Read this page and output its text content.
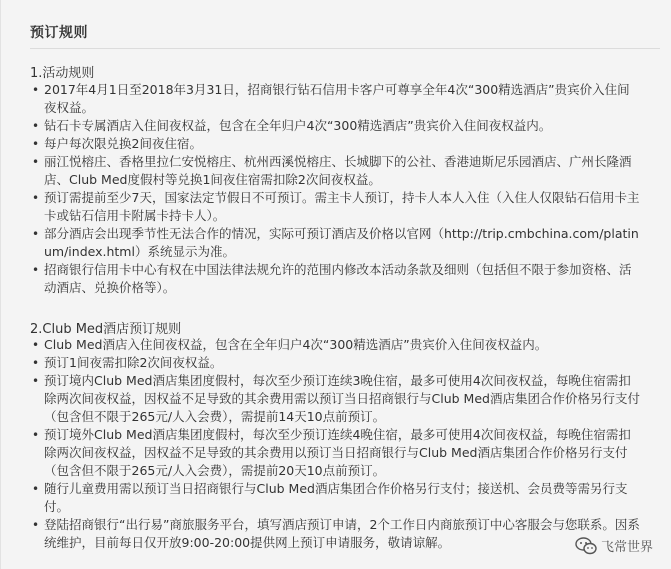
预订规则
1.活动规则
• 2017年4月1日至2018年3月31日，招商银行钻石信用卡客户可尊享全年4次“300精选酒店”贵宾价入住间夜权益。
• 钻石卡专属酒店入住间夜权益，包含在全年归户4次“300精选酒店”贵宾价入住间夜权益内。
• 每户每次限兑换2间夜住宿。
• 丽江悦榕庄、香格里拉仁安悦榕庄、杭州西溪悦榕庄、长城脚下的公社、香港迪斯尼乐园酒店、广州长隆酒店、Club Med度假村等兑换1间夜住宿需扣除2次间夜权益。
• 预订需提前至少7天，国家法定节假日不可预订。需主卡人预订，持卡人本人入住（入住人仅限钻石信用卡主卡或钻石信用卡附属卡持卡人）。
• 部分酒店会出现季节性无法合作的情况，实际可预订酒店及价格以官网（http://trip.cmbchina.com/platinum/index.html）系统显示为准。
• 招商银行信用卡中心有权在中国法律法规允许的范围内修改本活动条款及细则（包括但不限于参加资格、活动酒店、兑换价格等）。
2.Club Med酒店预订规则
• Club Med酒店入住间夜权益，包含在全年归户4次“300精选酒店”贵宾价入住间夜权益内。
• 预订1间夜需扣除2次间夜权益。
• 预订境内Club Med酒店集团度假村，每次至少预订连续3晚住宿，最多可使用4次间夜权益，每晚住宿需扣除两次间夜权益，因权益不足导致的其余费用需以预订当日招商银行与Club Med酒店集团合作价格另行支付（包含但不限于265元/人入会费），需提前14天10点前预订。
• 预订境外Club Med酒店集团度假村，每次至少预订连续4晚住宿，最多可使用4次间夜权益，每晚住宿需扣除两次间夜权益，因权益不足导致的其余费用以预订当日招商银行与Club Med酒店集团合作价格另行支付（包含但不限于265元/人入会费），需提前20天10点前预订。
• 随行儿童费用需以预订当日招商银行与Club Med酒店集团合作价格另行支付；接送机、会员费等需另行支付。
• 登陆招商银行“出行易”商旅服务平台，填写酒店预订申请，2个工作日内商旅预订中心客服会与您联系。因系统维护，目前每日仅开放9:00-20:00提供网上预订申请服务，敬请谅解。	飞常世界
